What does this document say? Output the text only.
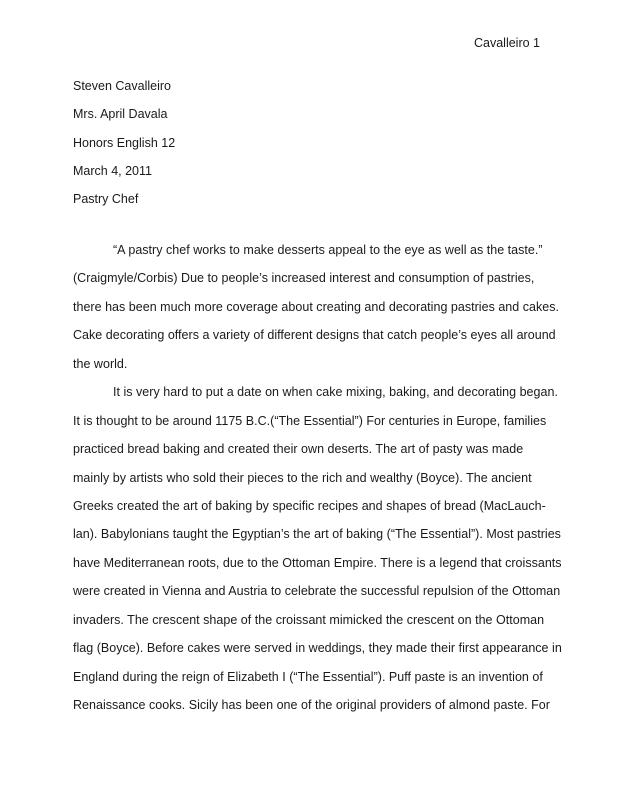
Cavalleiro 1
Steven Cavalleiro
Mrs. April Davala
Honors English 12
March 4, 2011
Pastry Chef
“A pastry chef works to make desserts appeal to the eye as well as the taste.”
(Craigmyle/Corbis) Due to people’s increased interest and consumption of pastries,
there has been much more coverage about creating and decorating pastries and cakes.
Cake decorating offers a variety of different designs that catch people’s eyes all around
the world.
It is very hard to put a date on when cake mixing, baking, and decorating began.
It is thought to be around 1175 B.C.(“The Essential”) For centuries in Europe, families
practiced bread baking and created their own deserts. The art of pasty was made
mainly by artists who sold their pieces to the rich and wealthy (Boyce). The ancient
Greeks created the art of baking by specific recipes and shapes of bread (MacLauch-
lan). Babylonians taught the Egyptian’s the art of baking (“The Essential”). Most pastries
have Mediterranean roots, due to the Ottoman Empire. There is a legend that croissants
were created in Vienna and Austria to celebrate the successful repulsion of the Ottoman
invaders. The crescent shape of the croissant mimicked the crescent on the Ottoman
flag (Boyce). Before cakes were served in weddings, they made their first appearance in
England during the reign of Elizabeth I (“The Essential”). Puff paste is an invention of
Renaissance cooks. Sicily has been one of the original providers of almond paste. For
